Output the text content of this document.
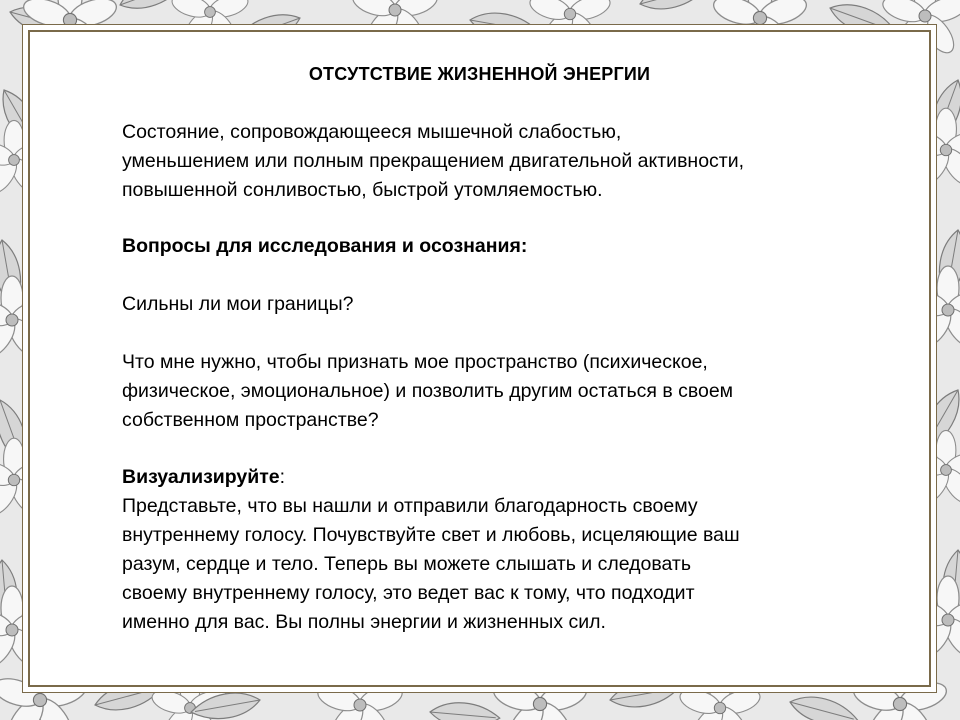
ОТСУТСТВИЕ ЖИЗНЕННОЙ ЭНЕРГИИ

Состояние, сопровождающееся мышечной слабостью,
уменьшением или полным прекращением двигательной активности,
повышенной сонливостью, быстрой утомляемостью.

Вопросы для исследования и осознания:

Сильны ли мои границы?

Что мне нужно, чтобы признать мое пространство (психическое,
физическое, эмоциональное) и позволить другим остаться в своем
собственном пространстве?

Визуализируйте:

Представьте, что вы нашли и отправили благодарность своему
внутреннему голосу. Почувствуйте свет и любовь, исцеляющие ваш
разум, сердце и тело. Теперь вы можете слышать и следовать
своему внутреннему голосу, это ведет вас к тому, что подходит
именно для вас. Вы полны энергии и жизненных сил.
